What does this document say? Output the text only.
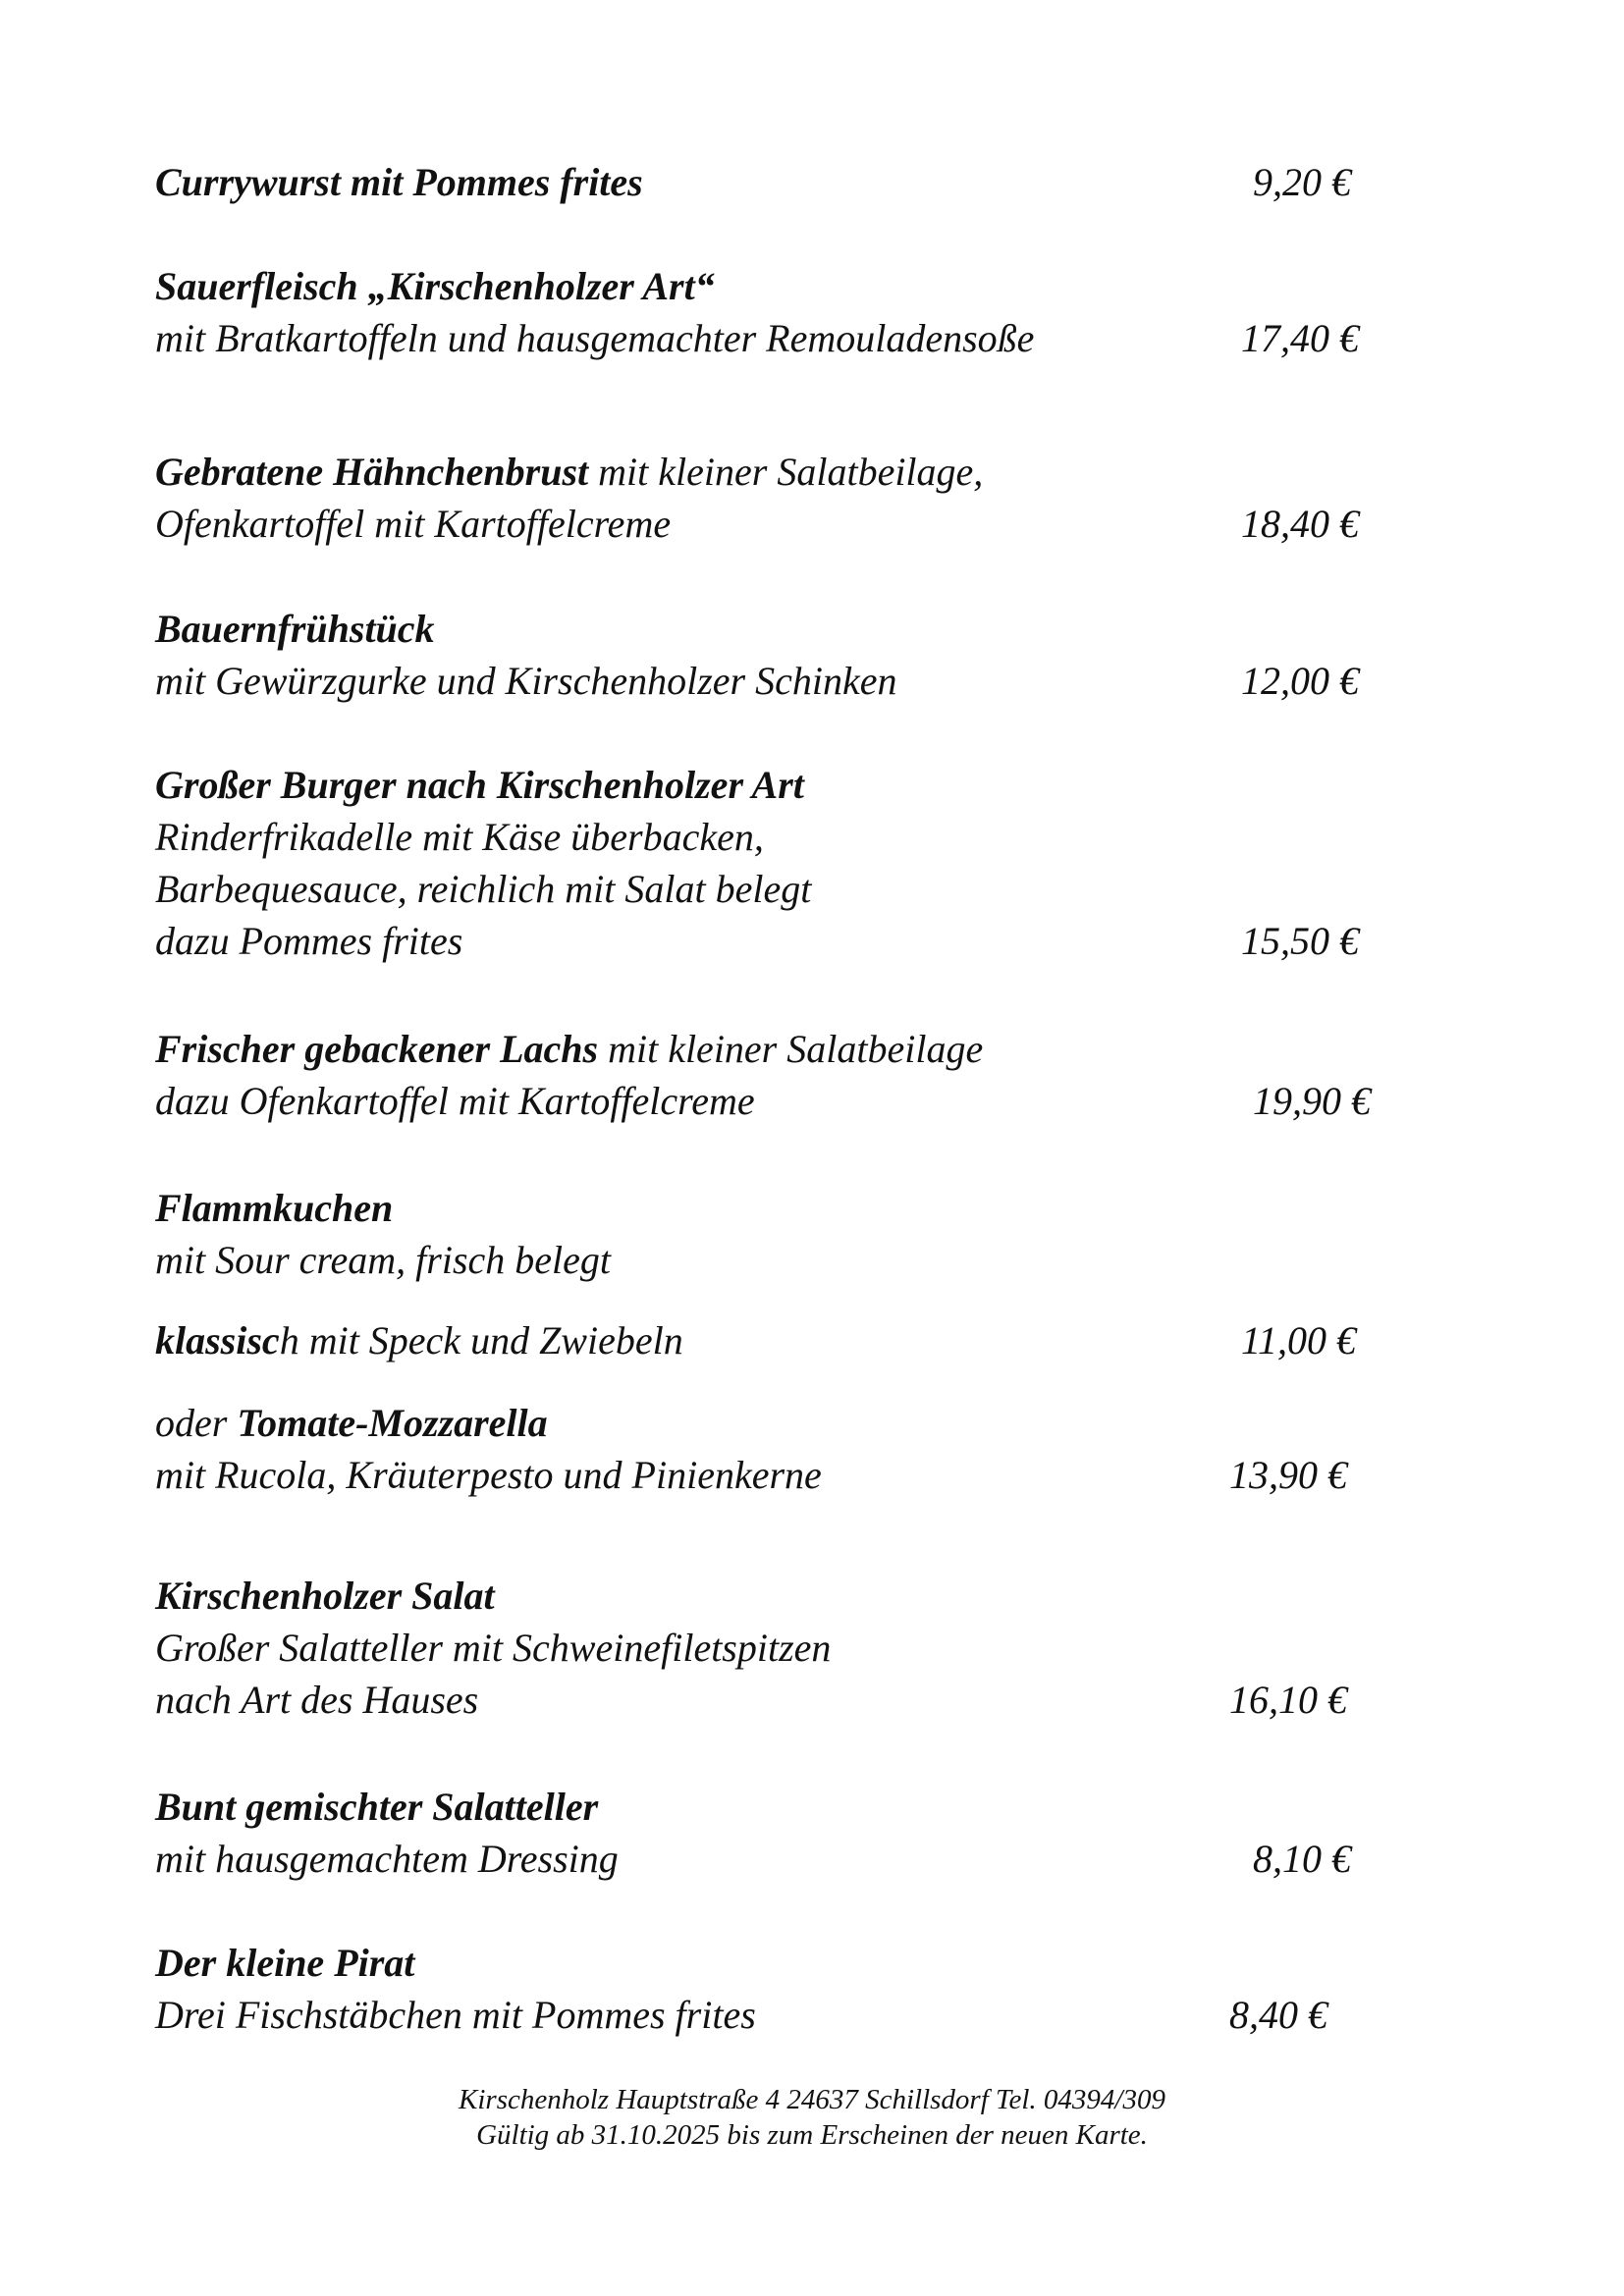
Currywurst mit Pommes frites	9,20 €
Sauerfleisch „Kirschenholzer Art“
mit Bratkartoffeln und hausgemachter Remouladensoße	17,40 €
Gebratene Hähnchenbrust mit kleiner Salatbeilage,
Ofenkartoffel mit Kartoffelcreme	18,40 €
Bauernfrühstück
mit Gewürzgurke und Kirschenholzer Schinken	12,00 €
Großer Burger nach Kirschenholzer Art
Rinderfrikadelle mit Käse überbacken,
Barbequesauce, reichlich mit Salat belegt
dazu Pommes frites	15,50 €
Frischer gebackener Lachs mit kleiner Salatbeilage
dazu Ofenkartoffel mit Kartoffelcreme	19,90 €
Flammkuchen
mit Sour cream, frisch belegt
klassisch mit Speck und Zwiebeln	11,00 €
oder Tomate-Mozzarella
mit Rucola, Kräuterpesto und Pinienkerne	13,90 €
Kirschenholzer Salat
Großer Salatteller mit Schweinefiletspitzen
nach Art des Hauses	16,10 €
Bunt gemischter Salatteller
mit hausgemachtem Dressing	8,10 €
Der kleine Pirat
Drei Fischstäbchen mit Pommes frites	8,40 €
Kirschenholz Hauptstraße 4 24637 Schillsdorf Tel. 04394/309
Gültig ab 31.10.2025 bis zum Erscheinen der neuen Karte.
